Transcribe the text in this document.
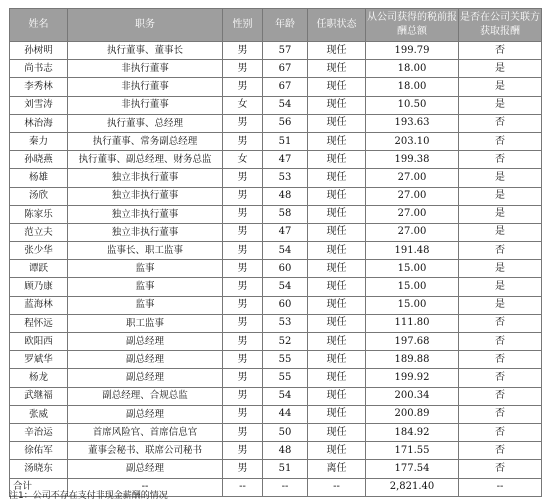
姓名	职务	性别	年龄	任职状态	从公司获得的税前报酬总额	是否在公司关联方获取报酬
孙树明	执行董事、董事长	男	57	现任	199.79	否
尚书志	非执行董事	男	67	现任	18.00	是
李秀林	非执行董事	男	67	现任	18.00	是
刘雪涛	非执行董事	女	54	现任	10.50	是
林治海	执行董事、总经理	男	56	现任	193.63	否
秦力	执行董事、常务副总经理	男	51	现任	203.10	否
孙晓燕	执行董事、副总经理、财务总监	女	47	现任	199.38	否
杨雄	独立非执行董事	男	53	现任	27.00	是
汤欣	独立非执行董事	男	48	现任	27.00	是
陈家乐	独立非执行董事	男	58	现任	27.00	是
范立夫	独立非执行董事	男	47	现任	27.00	是
张少华	监事长、职工监事	男	54	现任	191.48	否
谭跃	监事	男	60	现任	15.00	是
顾乃康	监事	男	54	现任	15.00	是
蓝海林	监事	男	60	现任	15.00	是
程怀远	职工监事	男	53	现任	111.80	否
欧阳西	副总经理	男	52	现任	197.68	否
罗斌华	副总经理	男	55	现任	189.88	否
杨龙	副总经理	男	55	现任	199.92	否
武继福	副总经理、合规总监	男	54	现任	200.34	否
张威	副总经理	男	44	现任	200.89	否
辛治运	首席风险官、首席信息官	男	50	现任	184.92	否
徐佑军	董事会秘书、联席公司秘书	男	48	现任	171.55	否
汤晓东	副总经理	男	51	离任	177.54	否
合计	--	--	--	--	2,821.40	--
注1：公司不存在支付非现金薪酬的情况
